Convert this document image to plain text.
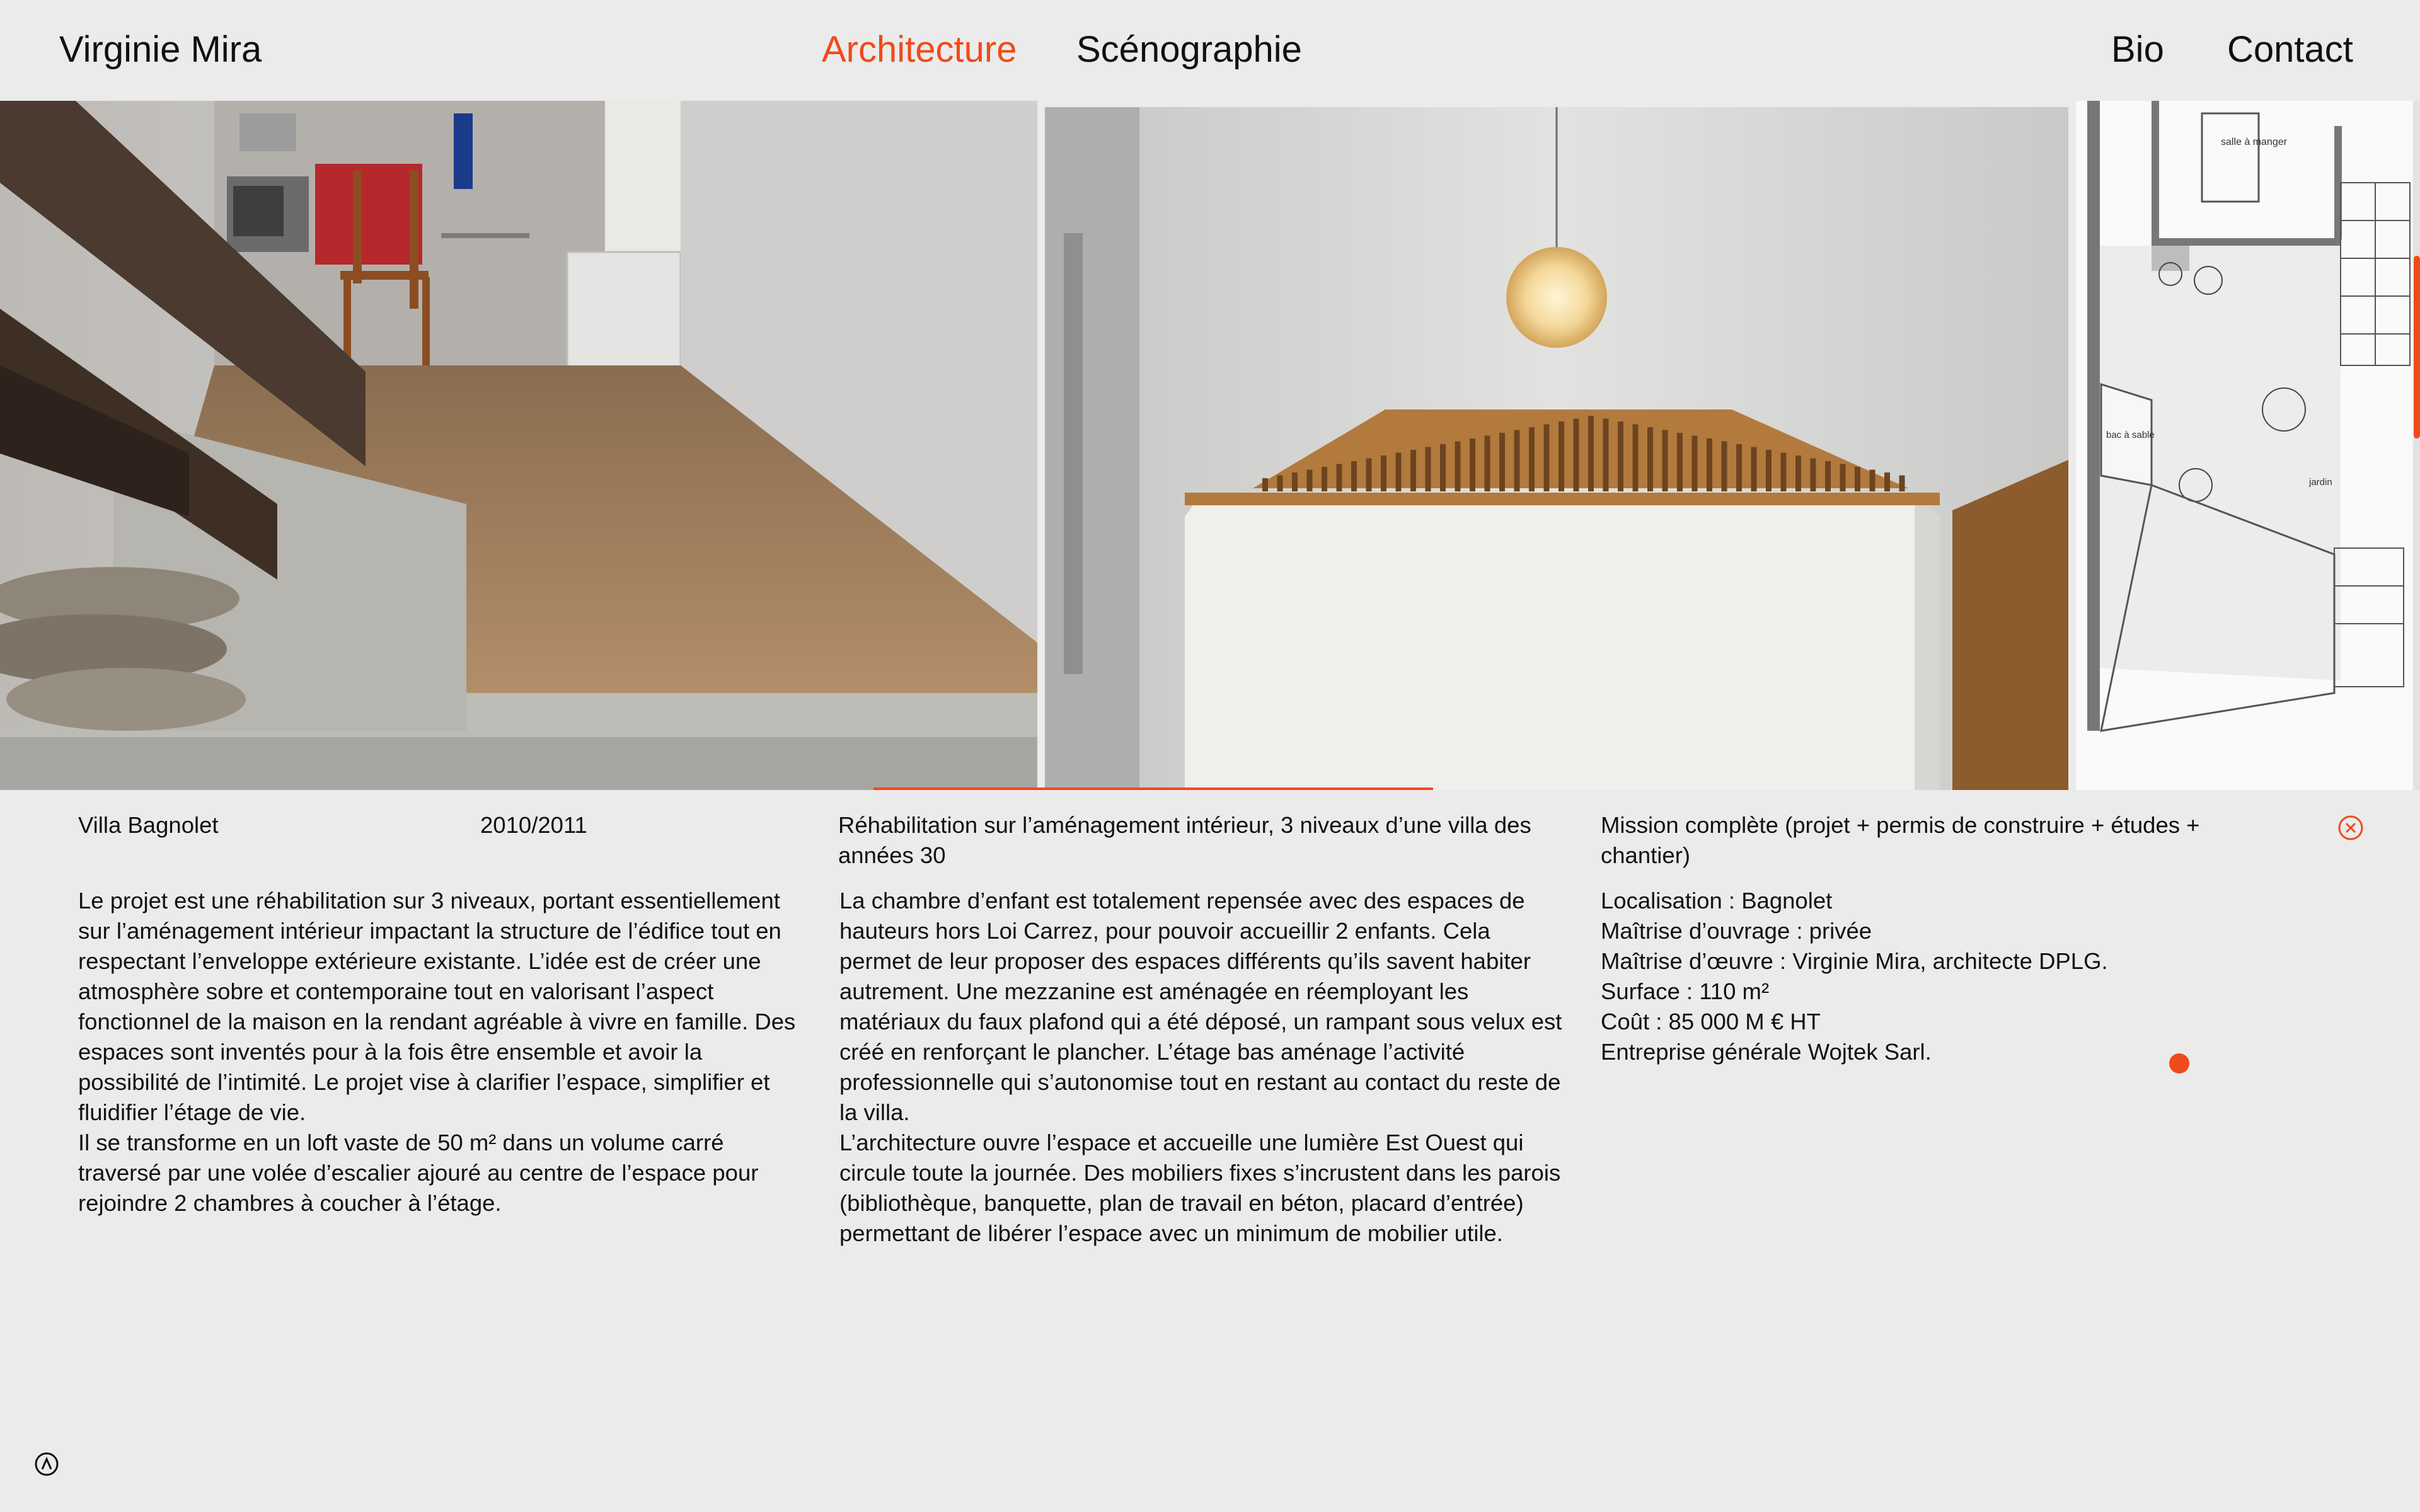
Virginie Mira	Architecture Scénographie	Bio Contact
salle à manger
bac à sable
jardin
Villa Bagnolet	2010/2011	Réhabilitation sur l’aménagement intérieur, 3 niveaux d’une villa des années 30
Mission complète (projet + permis de construire + études + chantier)

Le projet est une réhabilitation sur 3 niveaux, portant essentiellement sur l’aménagement intérieur impactant la structure de l’édifice tout en respectant l’enveloppe extérieure existante. L’idée est de créer une atmosphère sobre et contemporaine tout en valorisant l’aspect fonctionnel de la maison en la rendant agréable à vivre en famille. Des espaces sont inventés pour à la fois être ensemble et avoir la possibilité de l’intimité. Le projet vise à clarifier l’espace, simplifier et fluidifier l’étage de vie.

Il se transforme en un loft vaste de 50 m² dans un volume carré traversé par une volée d’escalier ajouré au centre de l’espace pour rejoindre 2 chambres à coucher à l’étage.

La chambre d’enfant est totalement repensée avec des espaces de hauteurs hors Loi Carrez, pour pouvoir accueillir 2 enfants. Cela permet de leur proposer des espaces différents qu’ils savent habiter autrement. Une mezzanine est aménagée en réemployant les matériaux du faux plafond qui a été déposé, un rampant sous velux est créé en renforçant le plancher. L’étage bas aménage l’activité professionnelle qui s’autonomise tout en restant au contact du reste de la villa.

L’architecture ouvre l’espace et accueille une lumière Est Ouest qui circule toute la journée. Des mobiliers fixes s’incrustent dans les parois (bibliothèque, banquette, plan de travail en béton, placard d’entrée) permettant de libérer l’espace avec un minimum de mobilier utile.

Localisation : Bagnolet
Maîtrise d’ouvrage : privée
Maîtrise d’œuvre : Virginie Mira, architecte DPLG.
Surface : 110 m²
Coût : 85 000 M € HT
Entreprise générale Wojtek Sarl.
